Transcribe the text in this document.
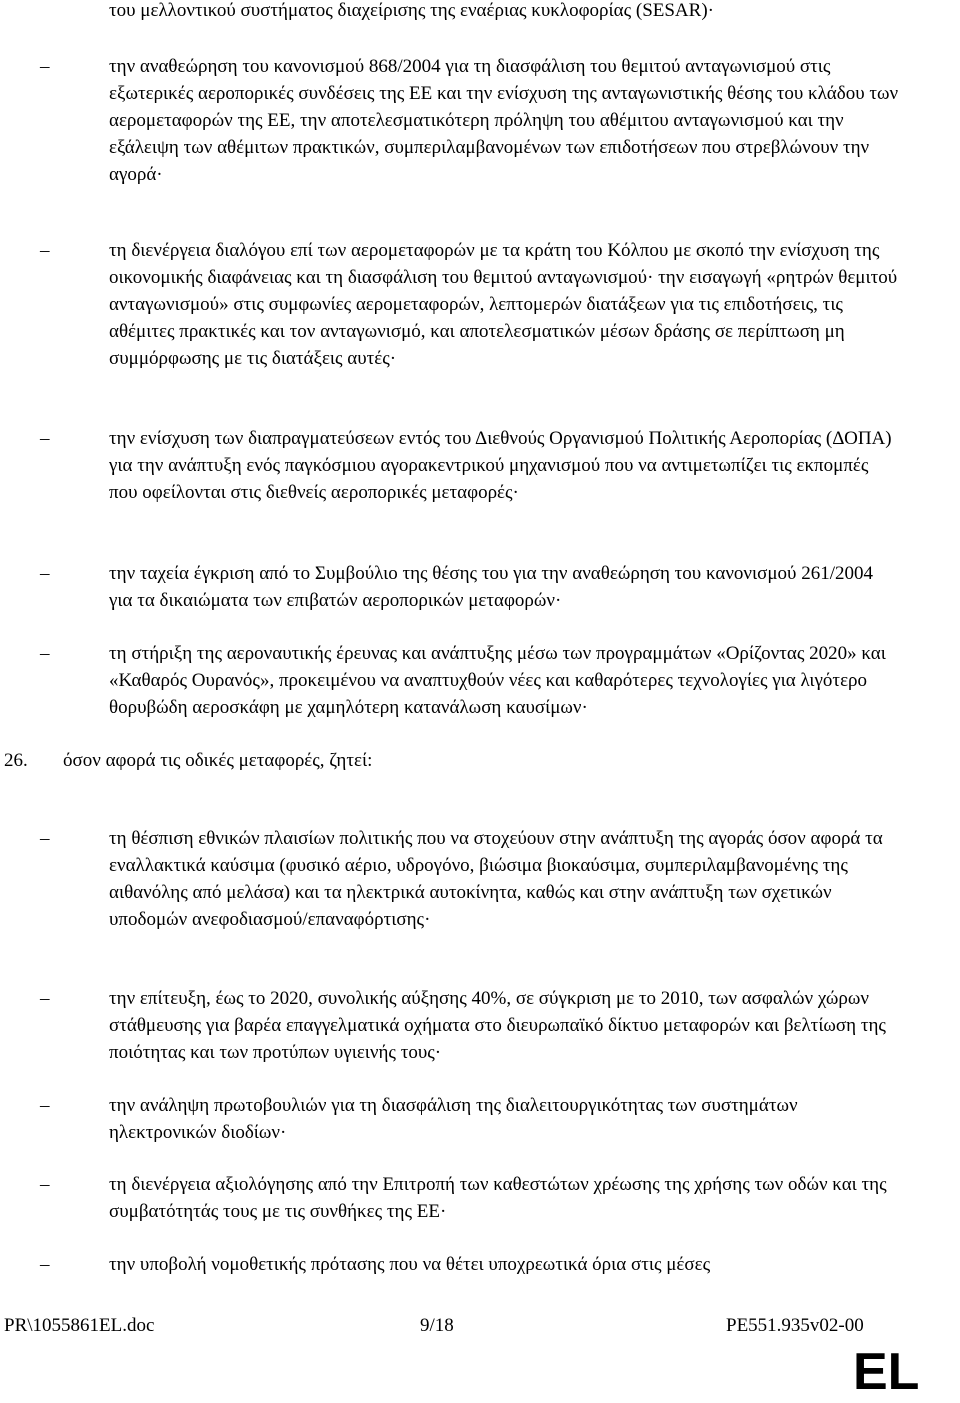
του μελλοντικού συστήματος διαχείρισης της εναέριας κυκλοφορίας (SESAR)·

–	την αναθεώρηση του κανονισμού 868/2004 για τη διασφάλιση του θεμιτού ανταγωνισμού στις εξωτερικές αεροπορικές συνδέσεις της ΕΕ και την ενίσχυση της ανταγωνιστικής θέσης του κλάδου των αερομεταφορών της ΕΕ, την αποτελεσματικότερη πρόληψη του αθέμιτου ανταγωνισμού και την εξάλειψη των αθέμιτων πρακτικών, συμπεριλαμβανομένων των επιδοτήσεων που στρεβλώνουν την αγορά·

–	τη διενέργεια διαλόγου επί των αερομεταφορών με τα κράτη του Κόλπου με σκοπό την ενίσχυση της οικονομικής διαφάνειας και τη διασφάλιση του θεμιτού ανταγωνισμού· την εισαγωγή «ρητρών θεμιτού ανταγωνισμού» στις συμφωνίες αερομεταφορών, λεπτομερών διατάξεων για τις επιδοτήσεις, τις αθέμιτες πρακτικές και τον ανταγωνισμό, και αποτελεσματικών μέσων δράσης σε περίπτωση μη συμμόρφωσης με τις διατάξεις αυτές·

–	την ενίσχυση των διαπραγματεύσεων εντός του Διεθνούς Οργανισμού Πολιτικής Αεροπορίας (ΔΟΠΑ) για την ανάπτυξη ενός παγκόσμιου αγορακεντρικού μηχανισμού που να αντιμετωπίζει τις εκπομπές που οφείλονται στις διεθνείς αεροπορικές μεταφορές·

–	την ταχεία έγκριση από το Συμβούλιο της θέσης του για την αναθεώρηση του κανονισμού 261/2004 για τα δικαιώματα των επιβατών αεροπορικών μεταφορών·

–	τη στήριξη της αεροναυτικής έρευνας και ανάπτυξης μέσω των προγραμμάτων «Ορίζοντας 2020» και «Καθαρός Ουρανός», προκειμένου να αναπτυχθούν νέες και καθαρότερες τεχνολογίες για λιγότερο θορυβώδη αεροσκάφη με χαμηλότερη κατανάλωση καυσίμων·

26. όσον αφορά τις οδικές μεταφορές, ζητεί:

–	τη θέσπιση εθνικών πλαισίων πολιτικής που να στοχεύουν στην ανάπτυξη της αγοράς όσον αφορά τα εναλλακτικά καύσιμα (φυσικό αέριο, υδρογόνο, βιώσιμα βιοκαύσιμα, συμπεριλαμβανομένης της αιθανόλης από μελάσα) και τα ηλεκτρικά αυτοκίνητα, καθώς και στην ανάπτυξη των σχετικών υποδομών ανεφοδιασμού/επαναφόρτισης·

–	την επίτευξη, έως το 2020, συνολικής αύξησης 40%, σε σύγκριση με το 2010, των ασφαλών χώρων στάθμευσης για βαρέα επαγγελματικά οχήματα στο διευρωπαϊκό δίκτυο μεταφορών και βελτίωση της ποιότητας και των προτύπων υγιεινής τους·

–	την ανάληψη πρωτοβουλιών για τη διασφάλιση της διαλειτουργικότητας των συστημάτων ηλεκτρονικών διοδίων·

–	τη διενέργεια αξιολόγησης από την Επιτροπή των καθεστώτων χρέωσης της χρήσης των οδών και της συμβατότητάς τους με τις συνθήκες της ΕΕ·

–	την υποβολή νομοθετικής πρότασης που να θέτει υποχρεωτικά όρια στις μέσες

PR\1055861EL.doc	9/18	PE551.935v02-00
EL
